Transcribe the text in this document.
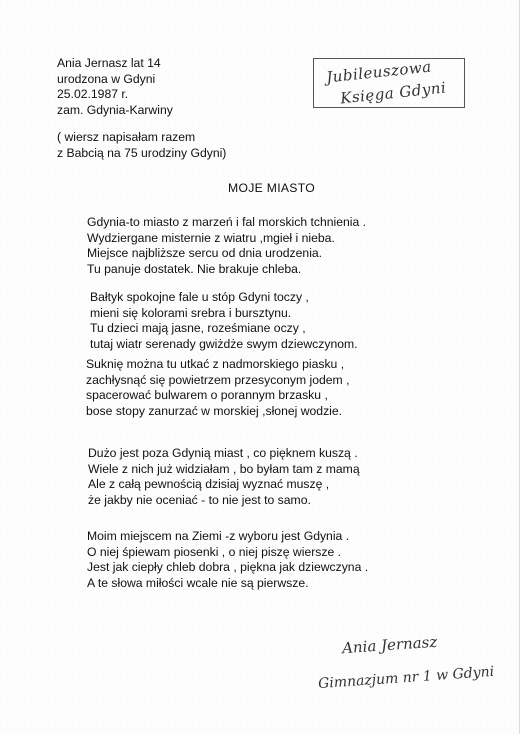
Ania Jernasz lat 14
urodzona w Gdyni
25.02.1987 r.
zam. Gdynia-Karwiny
Jubileuszowa
Księga Gdyni
( wiersz napisałam razem
z Babcią na 75 urodziny Gdyni)
MOJE MIASTO
Gdynia-to miasto z marzeń i fal morskich tchnienia .
Wydziergane misternie z wiatru ,mgieł i nieba.
Miejsce najbliższe sercu od dnia urodzenia.
Tu panuje dostatek. Nie brakuje chleba.
Bałtyk spokojne fale u stóp Gdyni toczy ,
mieni się kolorami srebra i bursztynu.
Tu dzieci mają jasne, roześmiane oczy ,
tutaj wiatr serenady gwiżdże swym dziewczynom.
Suknię można tu utkać z nadmorskiego piasku ,
zachłysnąć się powietrzem przesyconym jodem ,
spacerować bulwarem o porannym brzasku ,
bose stopy zanurzać w morskiej ,słonej wodzie.
Dużo jest poza Gdynią miast , co pięknem kuszą .
Wiele z nich już widziałam , bo byłam tam z mamą
Ale z całą pewnością dzisiaj wyznać muszę ,
że jakby nie oceniać - to nie jest to samo.
Moim miejscem na Ziemi -z wyboru jest Gdynia .
O niej śpiewam piosenki , o niej piszę wiersze .
Jest jak ciepły chleb dobra , piękna jak dziewczyna .
A te słowa miłości wcale nie są pierwsze.
Ania Jernasz
Gimnazjum nr 1 w Gdyni
